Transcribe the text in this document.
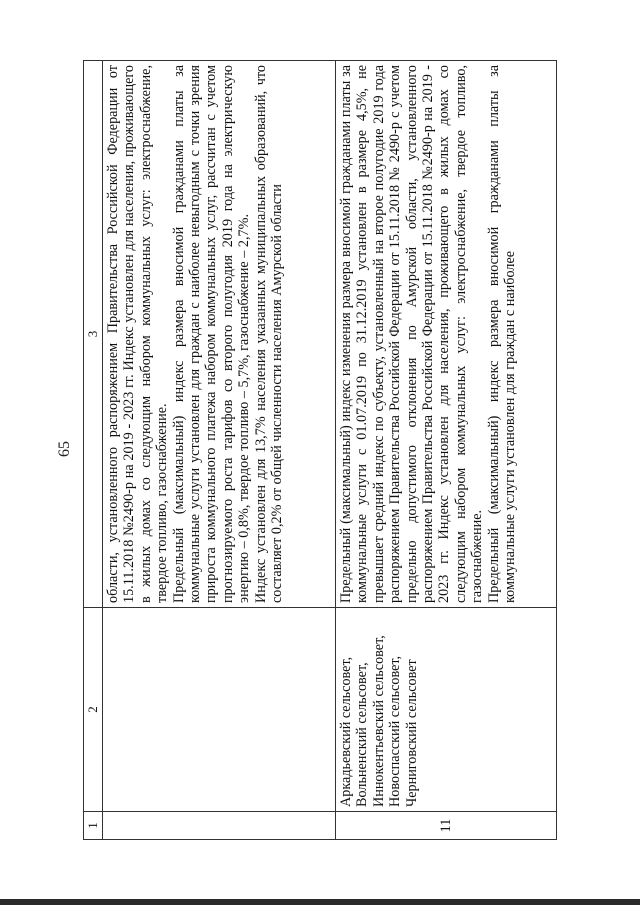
65
1	2	3

		области, установленного распоряжением Правительства Российской Федерации от 15.11.2018 №2490-р на 2019 - 2023 гг. Индекс установлен для населения, проживающего в жилых домах со следующим набором коммунальных услуг: электроснабжение, твердое топливо, газоснабжение. Предельный (максимальный) индекс размера вносимой гражданами платы за коммунальные услуги установлен для граждан с наиболее невыгодным с точки зрения прироста коммунального платежа набором коммунальных услуг, рассчитан с учетом прогнозируемого роста тарифов со второго полугодия 2019 года на электрическую энергию – 0,8%, твердое топливо – 5,7%, газоснабжение – 2,7%. Индекс установлен для 13,7% населения указанных муниципальных образований, что составляет 0,2% от общей численности населения Амурской области

11	Аркадьевский сельсовет, Вольненский сельсовет, Иннокентьевский сельсовет, Новоспасский сельсовет, Черниговский сельсовет	Предельный (максимальный) индекс изменения размера вносимой гражданами платы за коммунальные услуги с 01.07.2019 по 31.12.2019 установлен в размере 4,5%, не превышает средний индекс по субъекту, установленный на второе полугодие 2019 года распоряжением Правительства Российской Федерации от 15.11.2018 № 2490-р с учетом предельно допустимого отклонения по Амурской области, установленного распоряжением Правительства Российской Федерации от 15.11.2018 №2490-р на 2019 - 2023 гг. Индекс установлен для населения, проживающего в жилых домах со следующим набором коммунальных услуг: электроснабжение, твердое топливо, газоснабжение. Предельный (максимальный) индекс размера вносимой гражданами платы за коммунальные услуги установлен для граждан с наиболее
